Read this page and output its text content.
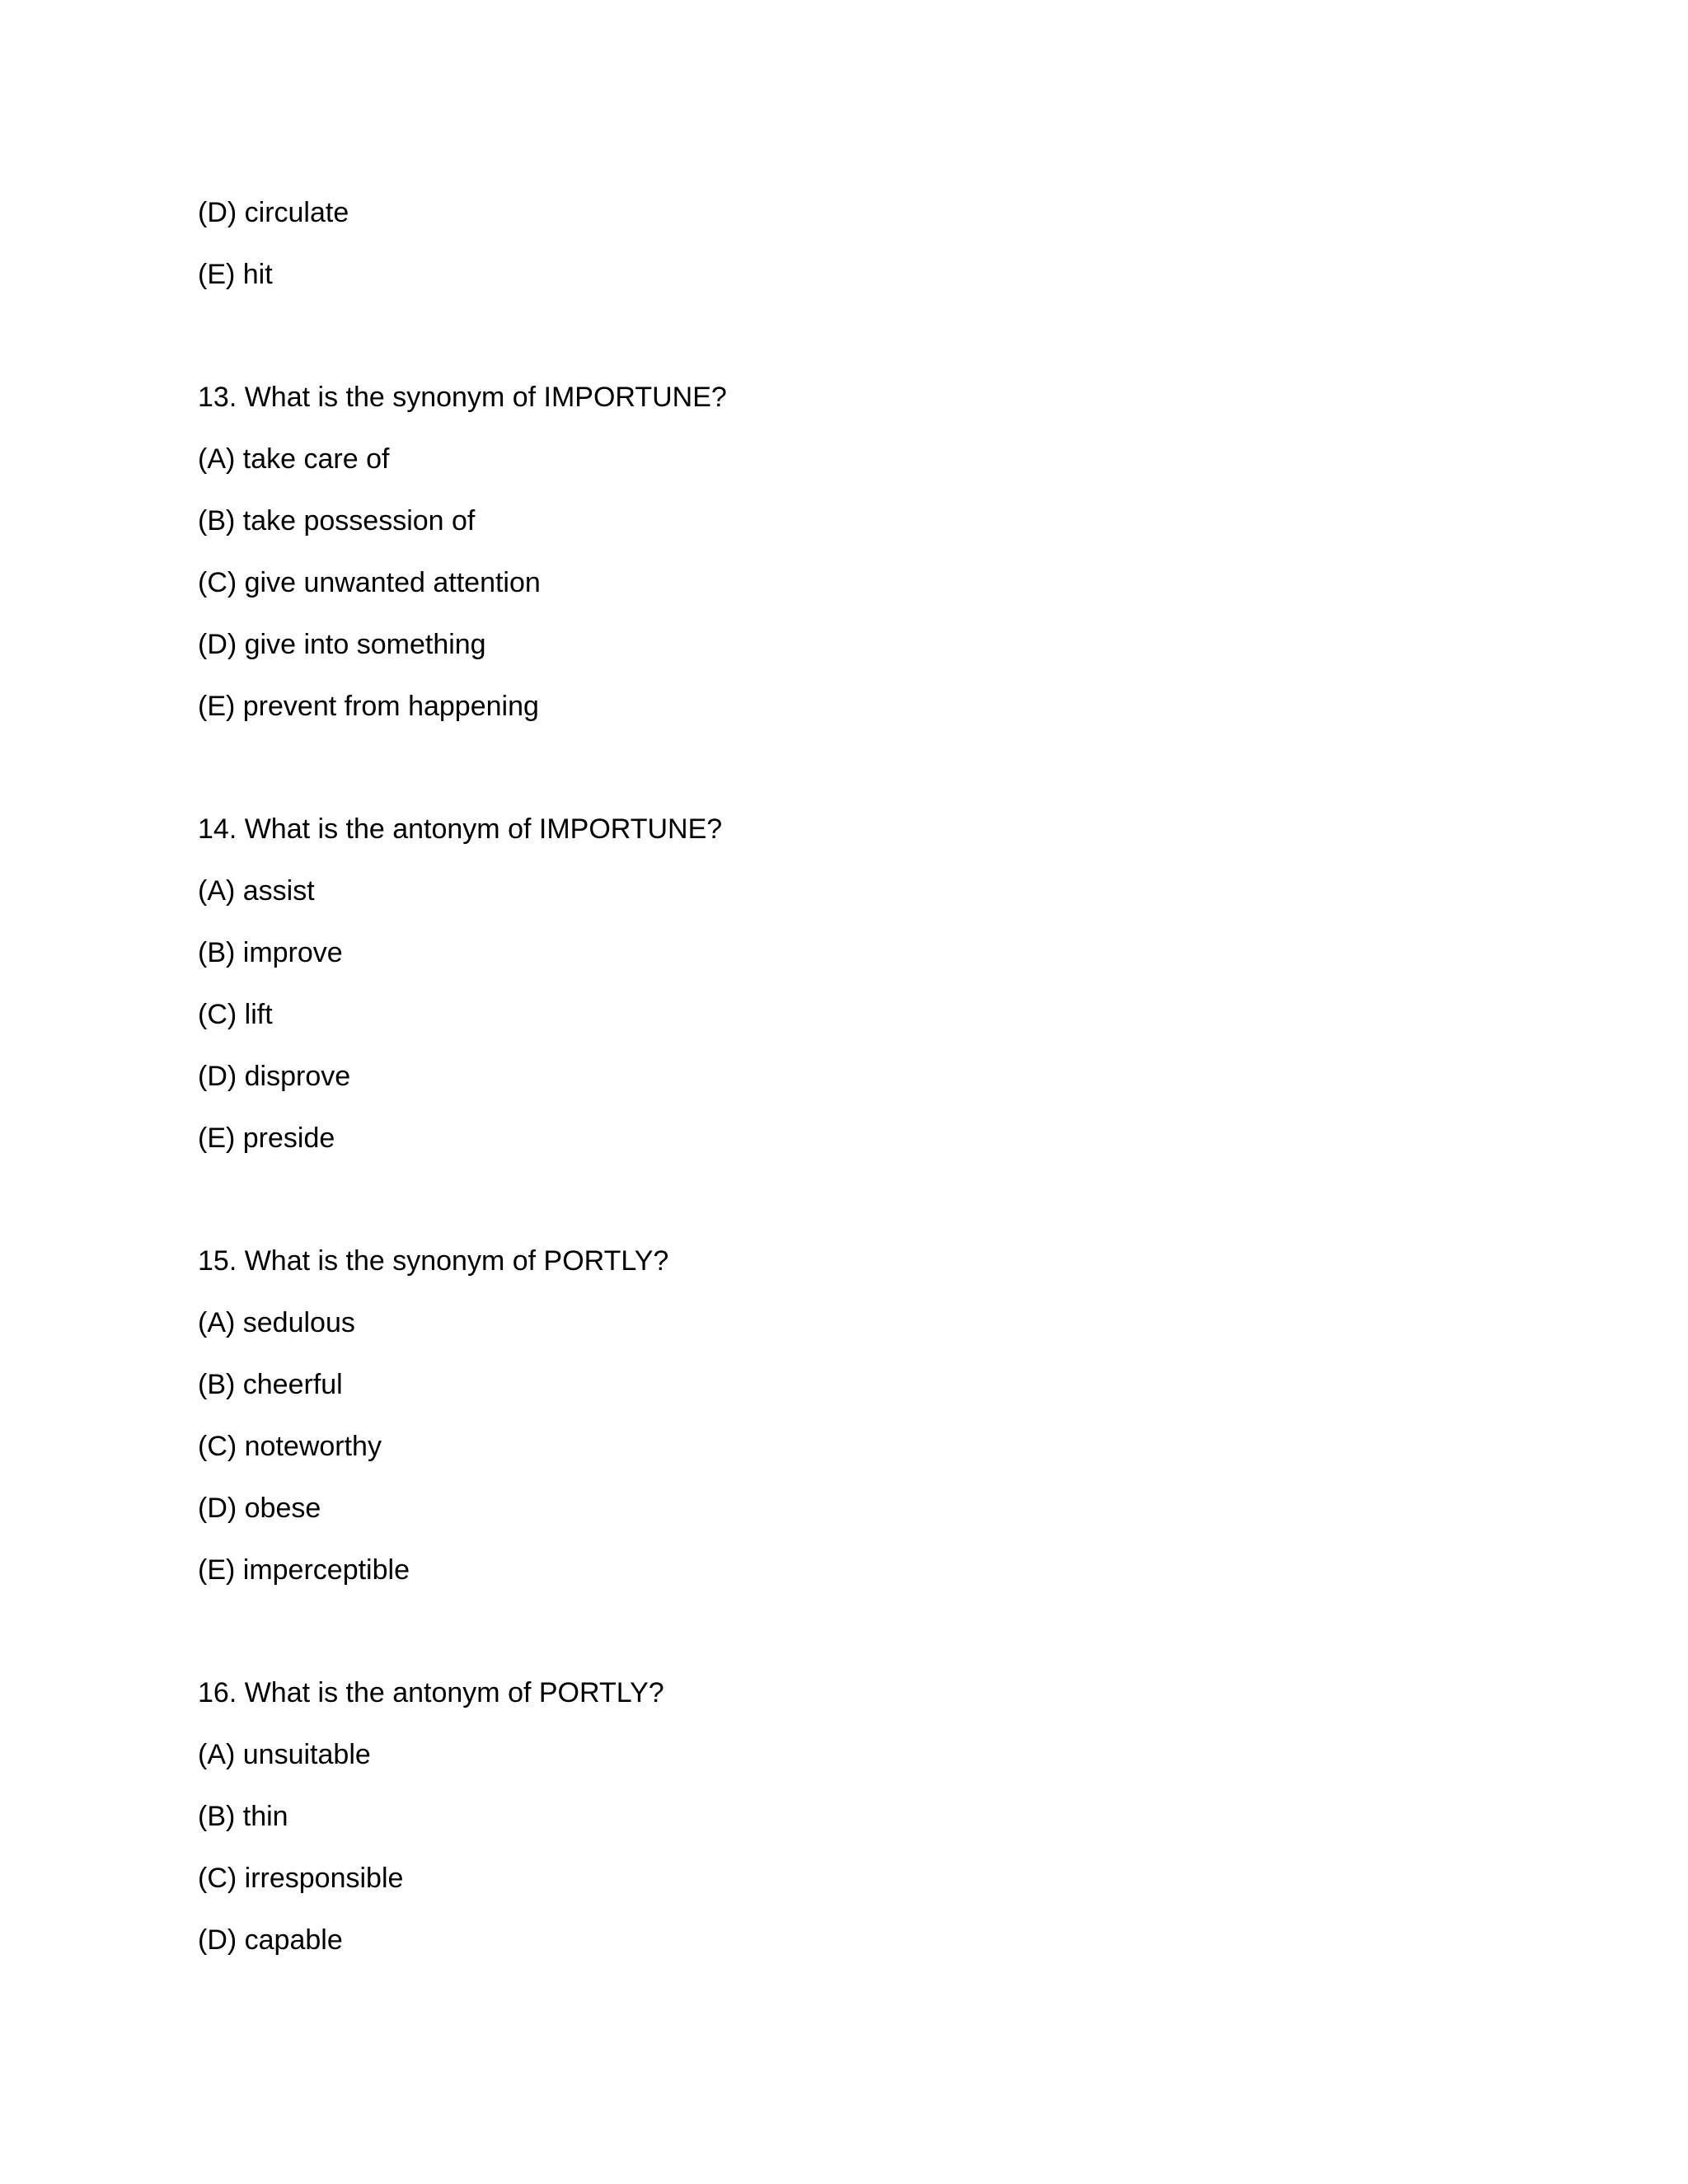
(D) circulate
(E) hit
13. What is the synonym of IMPORTUNE?
(A) take care of
(B) take possession of
(C) give unwanted attention
(D) give into something
(E) prevent from happening
14. What is the antonym of IMPORTUNE?
(A) assist
(B) improve
(C) lift
(D) disprove
(E) preside
15. What is the synonym of PORTLY?
(A) sedulous
(B) cheerful
(C) noteworthy
(D) obese
(E) imperceptible
16. What is the antonym of PORTLY?
(A) unsuitable
(B) thin
(C) irresponsible
(D) capable
